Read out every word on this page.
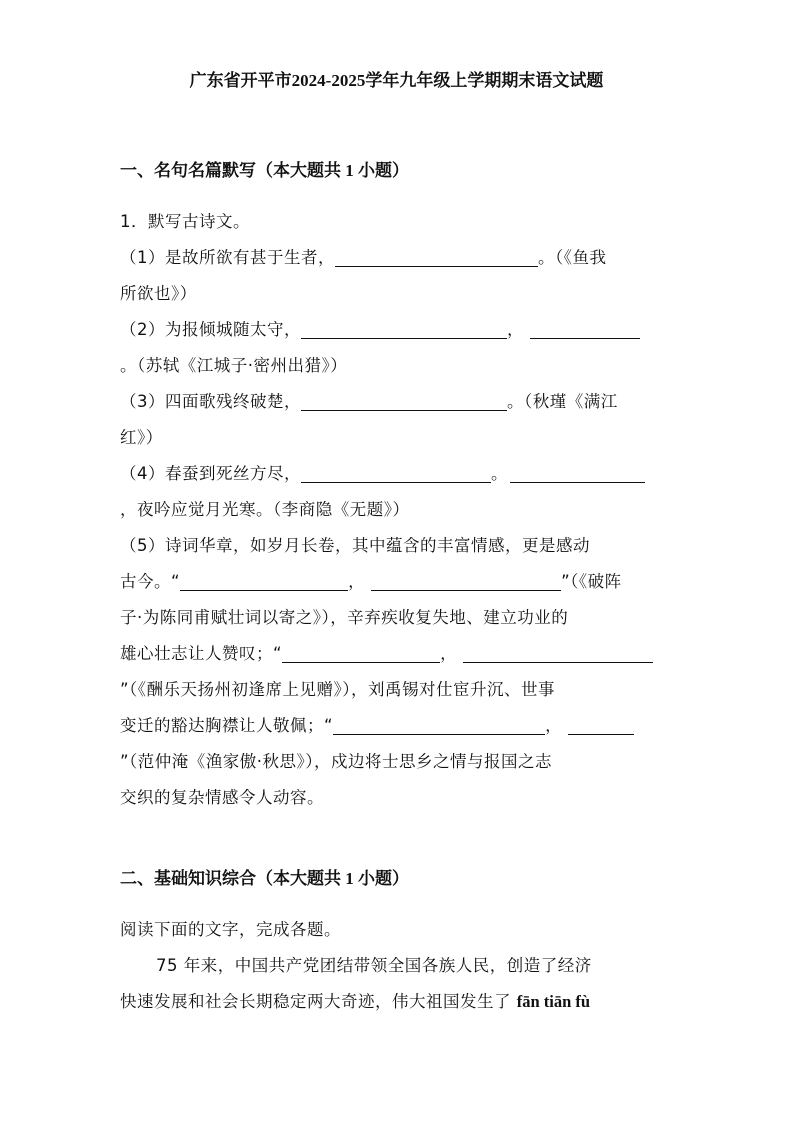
广东省开平市2024-2025学年九年级上学期期末语文试题
一、名句名篇默写（本大题共 1 小题）
1．默写古诗文。
（1）是故所欲有甚于生者，	。（《鱼我
所欲也》）
（2）为报倾城随太守，	，
。（苏轼《江城子·密州出猎》）
（3）四面歌残终破楚，	。（秋瑾《满江
红》）
（4）春蚕到死丝方尽，	。
，夜吟应觉月光寒。（李商隐《无题》）
（5）诗词华章，如岁月长卷，其中蕴含的丰富情感，更是感动
古今。“	，	”（《破阵
子·为陈同甫赋壮词以寄之》），辛弃疾收复失地、建立功业的
雄心壮志让人赞叹；“	，
”（《酬乐天扬州初逢席上见赠》），刘禹锡对仕宦升沉、世事
变迁的豁达胸襟让人敬佩；“	，
”（范仲淹《渔家傲·秋思》），戍边将士思乡之情与报国之志
交织的复杂情感令人动容。
二、基础知识综合（本大题共 1 小题）
阅读下面的文字，完成各题。
75 年来，中国共产党团结带领全国各族人民，创造了经济
快速发展和社会长期稳定两大奇迹，伟大祖国发生了 fān tiān fù
